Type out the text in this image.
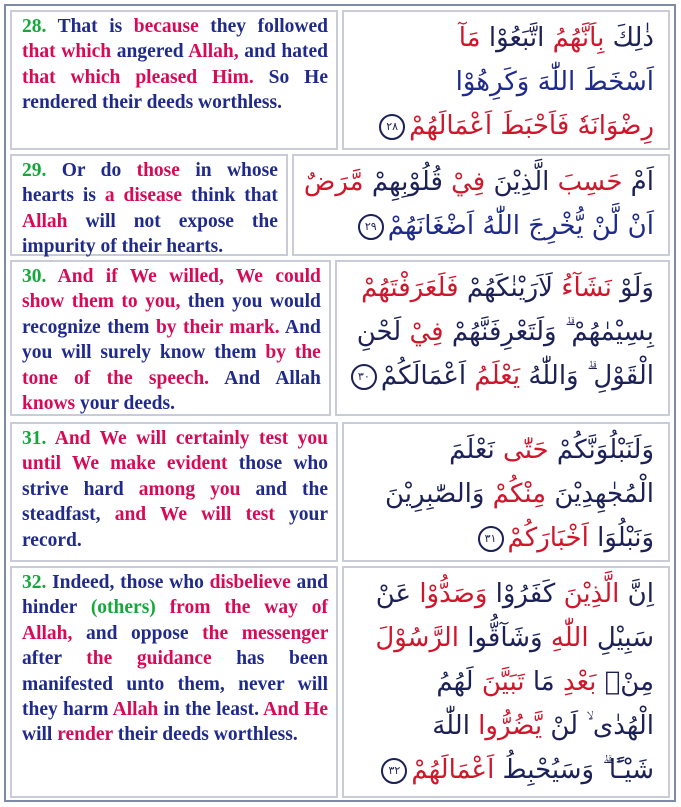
28. That is because they followed that which angered Allah, and hated that which pleased Him. So He rendered their deeds worthless.
ذٰلِكَ بِاَنَّهُمُ اتَّبَعُوْا مَآ
اَسْخَطَ اللّٰهَ وَكَرِهُوْا
رِضْوَانَهٗ فَاَحْبَطَ اَعْمَالَهُمْ٢٨
29. Or do those in whose hearts is a disease think that Allah will not expose the impurity of their hearts.
اَمْ حَسِبَ الَّذِيْنَ فِيْ قُلُوْبِهِمْ مَّرَضٌ
اَنْ لَّنْ يُّخْرِجَ اللّٰهُ اَضْغَانَهُمْ٢٩
30. And if We willed, We could show them to you, then you would recognize them by their mark. And you will surely know them by the tone of the speech. And Allah knows your deeds.
وَلَوْ نَشَآءُ لَاَرَيْنٰكَهُمْ فَلَعَرَفْتَهُمْ
بِسِيْمٰهُمْ ۗ وَلَتَعْرِفَنَّهُمْ فِيْ لَحْنِ
الْقَوْلِ ۗ وَاللّٰهُ يَعْلَمُ اَعْمَالَكُمْ٣٠
31. And We will certainly test you until We make evident those who strive hard among you and the steadfast, and We will test your record.
وَلَنَبْلُوَنَّكُمْ حَتّٰى نَعْلَمَ
الْمُجٰهِدِيْنَ مِنْكُمْ وَالصّٰبِرِيْنَ
وَنَبْلُوَا اَخْبَارَكُمْ٣١
32. Indeed, those who disbelieve and hinder (others) from the way of Allah, and oppose the messenger after the guidance has been manifested unto them, never will they harm Allah in the least. And He will render their deeds worthless.
اِنَّ الَّذِيْنَ كَفَرُوْا وَصَدُّوْا عَنْ
سَبِيْلِ اللّٰهِ وَشَآقُّوا الرَّسُوْلَ
مِنْۢ بَعْدِ مَا تَبَيَّنَ لَهُمُ
الْهُدٰى ۙ لَنْ يَّضُرُّوا اللّٰهَ
شَيْـًٔا ۗ وَسَيُحْبِطُ اَعْمَالَهُمْ٣٢
